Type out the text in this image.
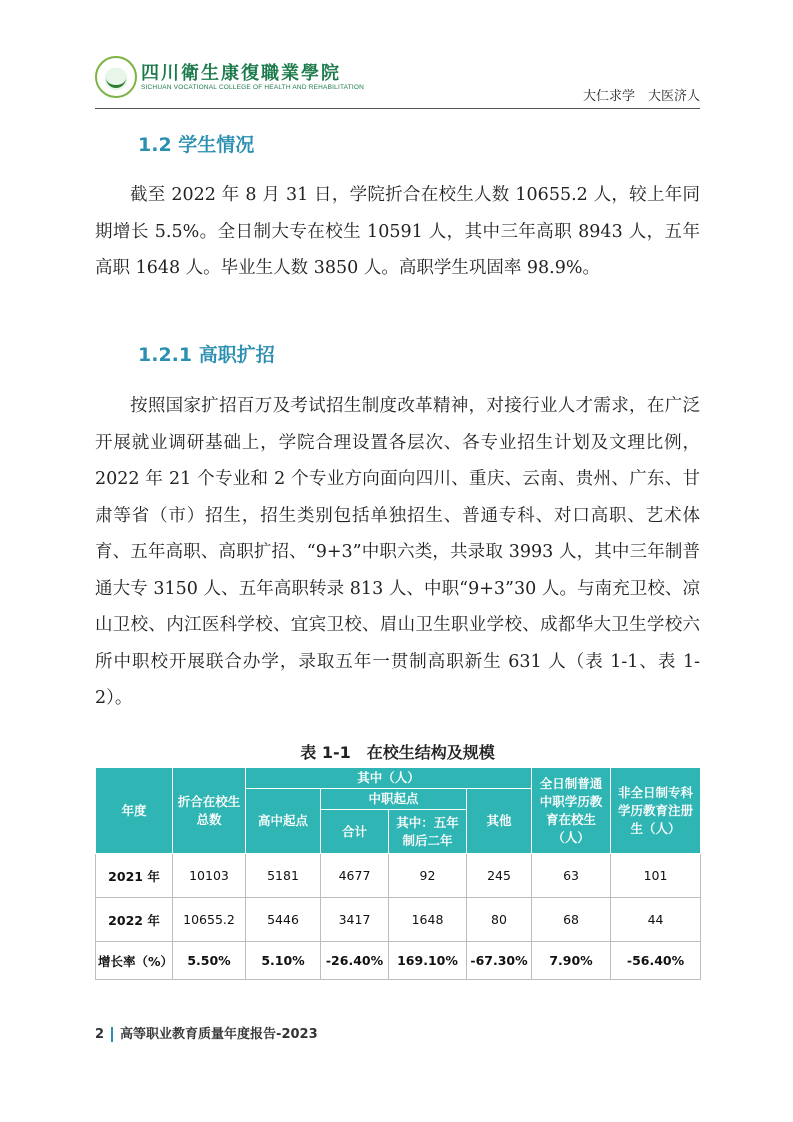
四川衛生康復職業學院
SICHUAN VOCATIONAL COLLEGE OF HEALTH AND REHABILITATION
大仁求学　大医济人
1.2 学生情况

截至 2022 年 8 月 31 日，学院折合在校生人数 10655.2 人，较上年同期增长 5.5%。全日制大专在校生 10591 人，其中三年高职 8943 人，五年高职 1648 人。毕业生人数 3850 人。高职学生巩固率 98.9%。

1.2.1 高职扩招

按照国家扩招百万及考试招生制度改革精神，对接行业人才需求，在广泛开展就业调研基础上，学院合理设置各层次、各专业招生计划及文理比例，2022 年 21 个专业和 2 个专业方向面向四川、重庆、云南、贵州、广东、甘肃等省（市）招生，招生类别包括单独招生、普通专科、对口高职、艺术体育、五年高职、高职扩招、“9+3”中职六类，共录取 3993 人，其中三年制普通大专 3150 人、五年高职转录 813 人、中职“9+3”30 人。与南充卫校、凉山卫校、内江医科学校、宜宾卫校、眉山卫生职业学校、成都华大卫生学校六所中职校开展联合办学，录取五年一贯制高职新生 631 人（表 1-1、表 1-2）。

表 1-1　在校生结构及规模
年度	折合在校生总数	其中（人）				全日制普通中职学历教育在校生（人）	非全日制专科学历教育注册生（人）
		高中起点	中职起点		其他		
			合计	其中：五年制后二年			
2021 年	10103	5181	4677	92	245	63	101
2022 年	10655.2	5446	3417	1648	80	68	44
增长率（%）	5.50%	5.10%	-26.40%	169.10%	-67.30%	7.90%	-56.40%
2 高等职业教育质量年度报告-2023
